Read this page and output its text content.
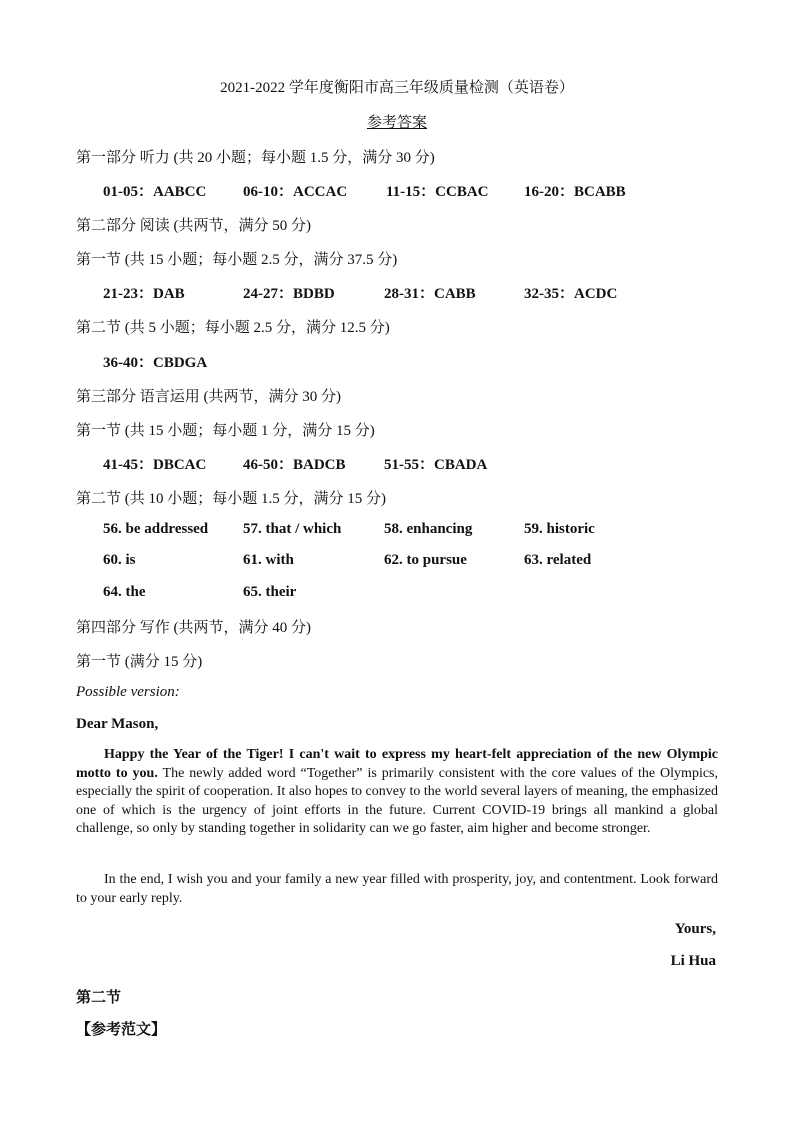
2021-2022 学年度衡阳市高三年级质量检测（英语卷）
参考答案
第一部分 听力 (共 20 小题；每小题 1.5 分，满分 30 分)
01-05：AABCC 06-10：ACCAC	11-15：CCBAC 16-20：BCABB
第二部分 阅读 (共两节，满分 50 分)
第一节 (共 15 小题；每小题 2.5 分，满分 37.5 分)
21-23：DAB	24-27：BDBD	28-31：CABB	32-35：ACDC
第二节 (共 5 小题；每小题 2.5 分，满分 12.5 分)
36-40：CBDGA
第三部分 语言运用 (共两节，满分 30 分)
第一节 (共 15 小题；每小题 1 分，满分 15 分)
41-45：DBCAC 46-50：BADCB	51-55：CBADA
第二节 (共 10 小题；每小题 1.5 分，满分 15 分)
56. be addressed 57. that / which	58. enhancing	59. historic
60. is	61. with	62. to pursue	63. related
64. the	65. their
第四部分 写作 (共两节，满分 40 分)
第一节 (满分 15 分)
Possible version:
Dear Mason,
Happy the Year of the Tiger! I can't wait to express my heart-felt appreciation of the new Olympic motto to you. The newly added word “Together” is primarily consistent with the core values of the Olympics, especially the spirit of cooperation. It also hopes to convey to the world several layers of meaning, the emphasized one of which is the urgency of joint efforts in the future. Current COVID-19 brings all mankind a global challenge, so only by standing together in solidarity can we go faster, aim higher and become stronger.
In the end, I wish you and your family a new year filled with prosperity, joy, and contentment. Look forward to your early reply.
Yours,
Li Hua
第二节
【参考范文】
